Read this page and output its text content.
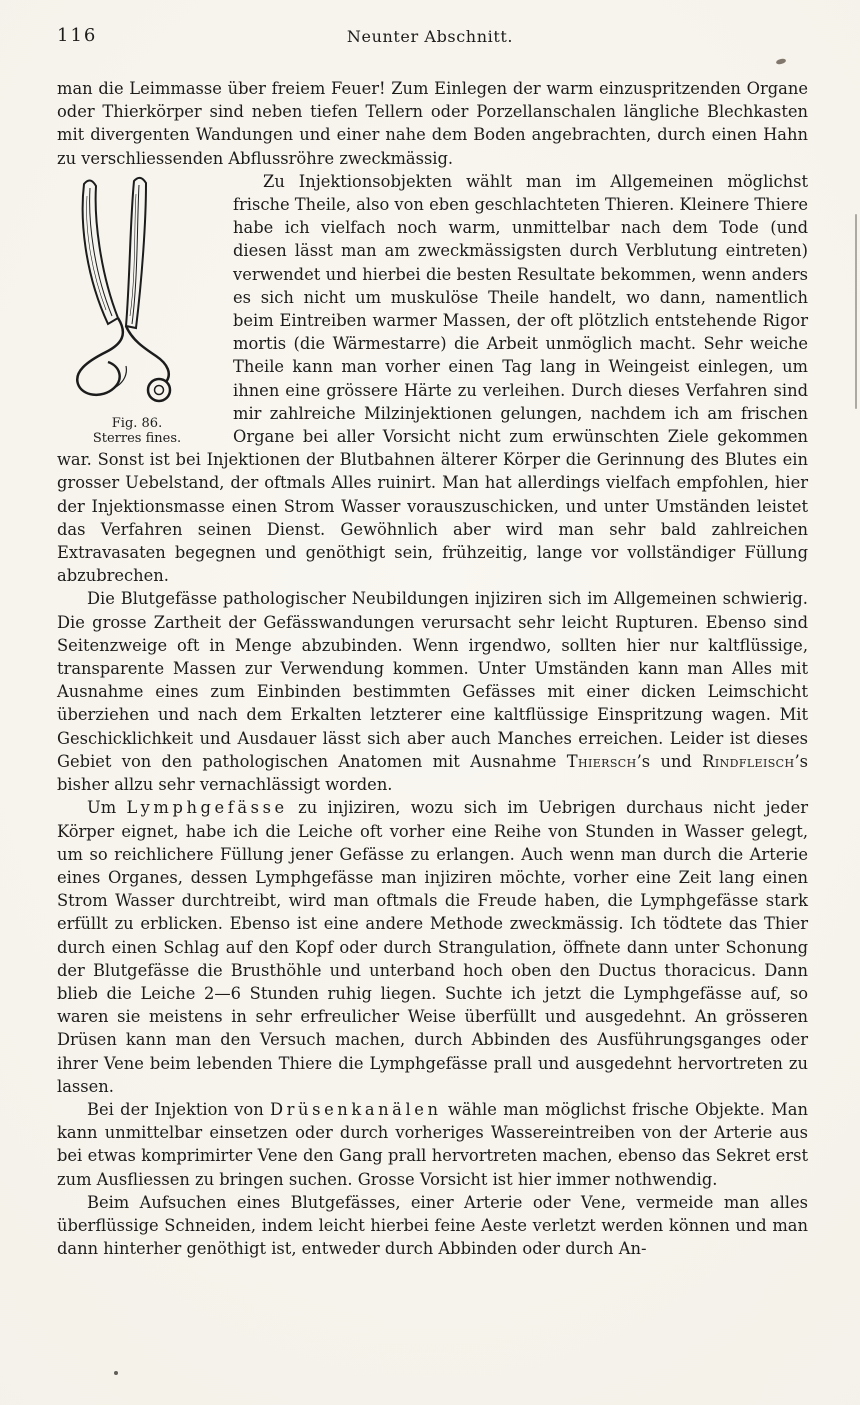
116	Neunter Abschnitt.

man die Leimmasse über freiem Feuer! Zum Einlegen der warm einzuspritzenden Organe oder Thierkörper sind neben tiefen Tellern oder Porzellanschalen längliche Blechkasten mit divergenten Wandungen und einer nahe dem Boden angebrachten, durch einen Hahn zu verschliessenden Abflussröhre zweckmässig.

Fig. 86.
Sterres fines.

Zu Injektionsobjekten wählt man im Allgemeinen möglichst frische Theile, also von eben geschlachteten Thieren. Kleinere Thiere habe ich vielfach noch warm, unmittelbar nach dem Tode (und diesen lässt man am zweckmässigsten durch Verblutung eintreten) verwendet und hierbei die besten Resultate bekommen, wenn anders es sich nicht um muskulöse Theile handelt, wo dann, namentlich beim Eintreiben warmer Massen, der oft plötzlich entstehende Rigor mortis (die Wärmestarre) die Arbeit unmöglich macht. Sehr weiche Theile kann man vorher einen Tag lang in Weingeist einlegen, um ihnen eine grössere Härte zu verleihen. Durch dieses Verfahren sind mir zahlreiche Milzinjektionen gelungen, nachdem ich am frischen Organe bei aller Vorsicht nicht zum erwünschten Ziele gekommen war. Sonst ist bei Injektionen der Blutbahnen älterer Körper die Gerinnung des Blutes ein grosser Uebelstand, der oftmals Alles ruinirt. Man hat allerdings vielfach empfohlen, hier der Injektionsmasse einen Strom Wasser vorauszuschicken, und unter Umständen leistet das Verfahren seinen Dienst. Gewöhnlich aber wird man sehr bald zahlreichen Extravasaten begegnen und genöthigt sein, frühzeitig, lange vor vollständiger Füllung abzubrechen.

Die Blutgefässe pathologischer Neubildungen injiziren sich im Allgemeinen schwierig. Die grosse Zartheit der Gefässwandungen verursacht sehr leicht Rupturen. Ebenso sind Seitenzweige oft in Menge abzubinden. Wenn irgendwo, sollten hier nur kaltflüssige, transparente Massen zur Verwendung kommen. Unter Umständen kann man Alles mit Ausnahme eines zum Einbinden bestimmten Gefässes mit einer dicken Leimschicht überziehen und nach dem Erkalten letzterer eine kaltflüssige Einspritzung wagen. Mit Geschicklichkeit und Ausdauer lässt sich aber auch Manches erreichen. Leider ist dieses Gebiet von den pathologischen Anatomen mit Ausnahme Thiersch’s und Rindfleisch’s bisher allzu sehr vernachlässigt worden.

Um Lymphgefässe zu injiziren, wozu sich im Uebrigen durchaus nicht jeder Körper eignet, habe ich die Leiche oft vorher eine Reihe von Stunden in Wasser gelegt, um so reichlichere Füllung jener Gefässe zu erlangen. Auch wenn man durch die Arterie eines Organes, dessen Lymphgefässe man injiziren möchte, vorher eine Zeit lang einen Strom Wasser durchtreibt, wird man oftmals die Freude haben, die Lymphgefässe stark erfüllt zu erblicken. Ebenso ist eine andere Methode zweckmässig. Ich tödtete das Thier durch einen Schlag auf den Kopf oder durch Strangulation, öffnete dann unter Schonung der Blutgefässe die Brusthöhle und unterband hoch oben den Ductus thoracicus. Dann blieb die Leiche 2—6 Stunden ruhig liegen. Suchte ich jetzt die Lymphgefässe auf, so waren sie meistens in sehr erfreulicher Weise überfüllt und ausgedehnt. An grösseren Drüsen kann man den Versuch machen, durch Abbinden des Ausführungsganges oder ihrer Vene beim lebenden Thiere die Lymphgefässe prall und ausgedehnt hervortreten zu lassen.

Bei der Injektion von Drüsenkanälen wähle man möglichst frische Objekte. Man kann unmittelbar einsetzen oder durch vorheriges Wassereintreiben von der Arterie aus bei etwas komprimirter Vene den Gang prall hervortreten machen, ebenso das Sekret erst zum Ausfliessen zu bringen suchen. Grosse Vorsicht ist hier immer nothwendig.

Beim Aufsuchen eines Blutgefässes, einer Arterie oder Vene, vermeide man alles überflüssige Schneiden, indem leicht hierbei feine Aeste verletzt werden können und man dann hinterher genöthigt ist, entweder durch Abbinden oder durch An-
